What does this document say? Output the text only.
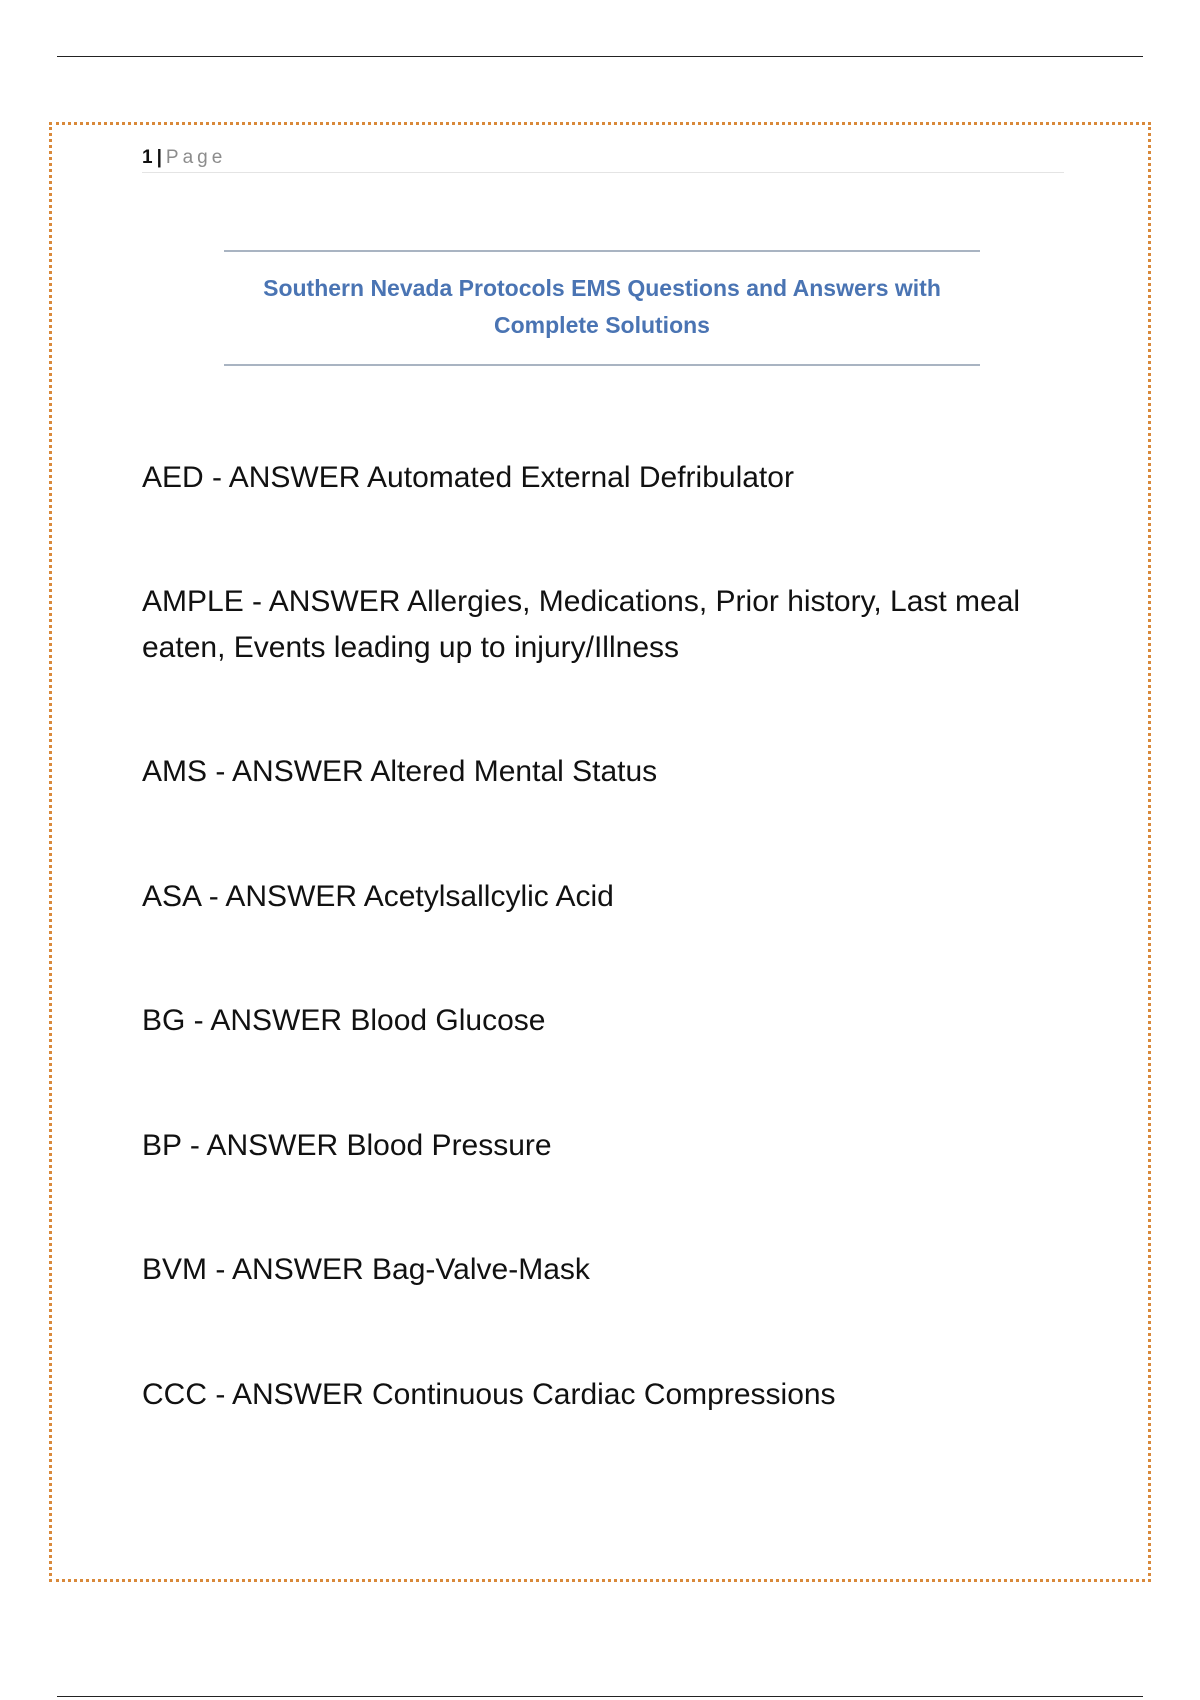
1 | Page
Southern Nevada Protocols EMS Questions and Answers with Complete Solutions
AED - ANSWER Automated External Defribulator
AMPLE - ANSWER Allergies, Medications, Prior history, Last meal eaten, Events leading up to injury/Illness
AMS - ANSWER Altered Mental Status
ASA - ANSWER Acetylsallcylic Acid
BG - ANSWER Blood Glucose
BP - ANSWER Blood Pressure
BVM - ANSWER Bag-Valve-Mask
CCC - ANSWER Continuous Cardiac Compressions
